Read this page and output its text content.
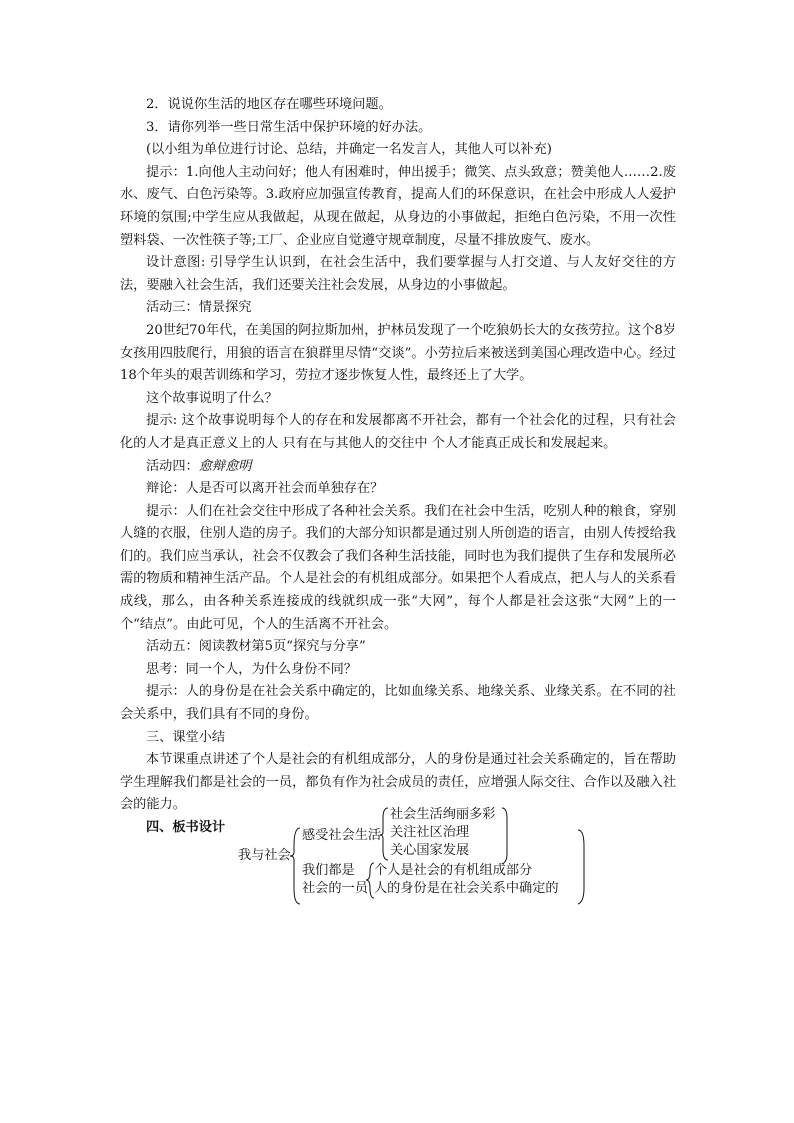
2．说说你生活的地区存在哪些环境问题。

3．请你列举一些日常生活中保护环境的好办法。

(以小组为单位进行讨论、总结，并确定一名发言人，其他人可以补充)

提示：1.向他人主动问好；他人有困难时，伸出援手；微笑、点头致意；赞美他人……2.废水、废气、白色污染等。3.政府应加强宣传教育，提高人们的环保意识，在社会中形成人人爱护环境的氛围;中学生应从我做起，从现在做起，从身边的小事做起，拒绝白色污染，不用一次性塑料袋、一次性筷子等;工厂、企业应自觉遵守规章制度，尽量不排放废气、废水。

设计意图: 引导学生认识到，在社会生活中，我们要掌握与人打交道、与人友好交往的方法，要融入社会生活，我们还要关注社会发展，从身边的小事做起。

活动三：情景探究

20世纪70年代，在美国的阿拉斯加州，护林员发现了一个吃狼奶长大的女孩劳拉。这个8岁女孩用四肢爬行，用狼的语言在狼群里尽情“交谈”。小劳拉后来被送到美国心理改造中心。经过18个年头的艰苦训练和学习，劳拉才逐步恢复人性，最终还上了大学。

这个故事说明了什么？

提示: 这个故事说明每个人的存在和发展都离不开社会，都有一个社会化的过程，只有社会化的人才是真正意义上的人 只有在与其他人的交往中 个人才能真正成长和发展起来。

活动四：愈辩愈明

辩论：人是否可以离开社会而单独存在？

提示：人们在社会交往中形成了各种社会关系。我们在社会中生活，吃别人种的粮食，穿别人缝的衣服，住别人造的房子。我们的大部分知识都是通过别人所创造的语言，由别人传授给我们的。我们应当承认，社会不仅教会了我们各种生活技能，同时也为我们提供了生存和发展所必需的物质和精神生活产品。个人是社会的有机组成部分。如果把个人看成点，把人与人的关系看成线，那么，由各种关系连接成的线就织成一张“大网”，每个人都是社会这张“大网”上的一个“结点”。由此可见，个人的生活离不开社会。

活动五：阅读教材第5页“探究与分享”

思考：同一个人，为什么身份不同？

提示：人的身份是在社会关系中确定的，比如血缘关系、地缘关系、业缘关系。在不同的社会关系中，我们具有不同的身份。

三、课堂小结

本节课重点讲述了个人是社会的有机组成部分，人的身份是通过社会关系确定的，旨在帮助学生理解我们都是社会的一员，都负有作为社会成员的责任，应增强人际交往、合作以及融入社会的能力。

四、板书设计

我与社会
感受社会生活
社会生活绚丽多彩
关注社区治理
关心国家发展
我们都是
社会的一员
个人是社会的有机组成部分
人的身份是在社会关系中确定的
